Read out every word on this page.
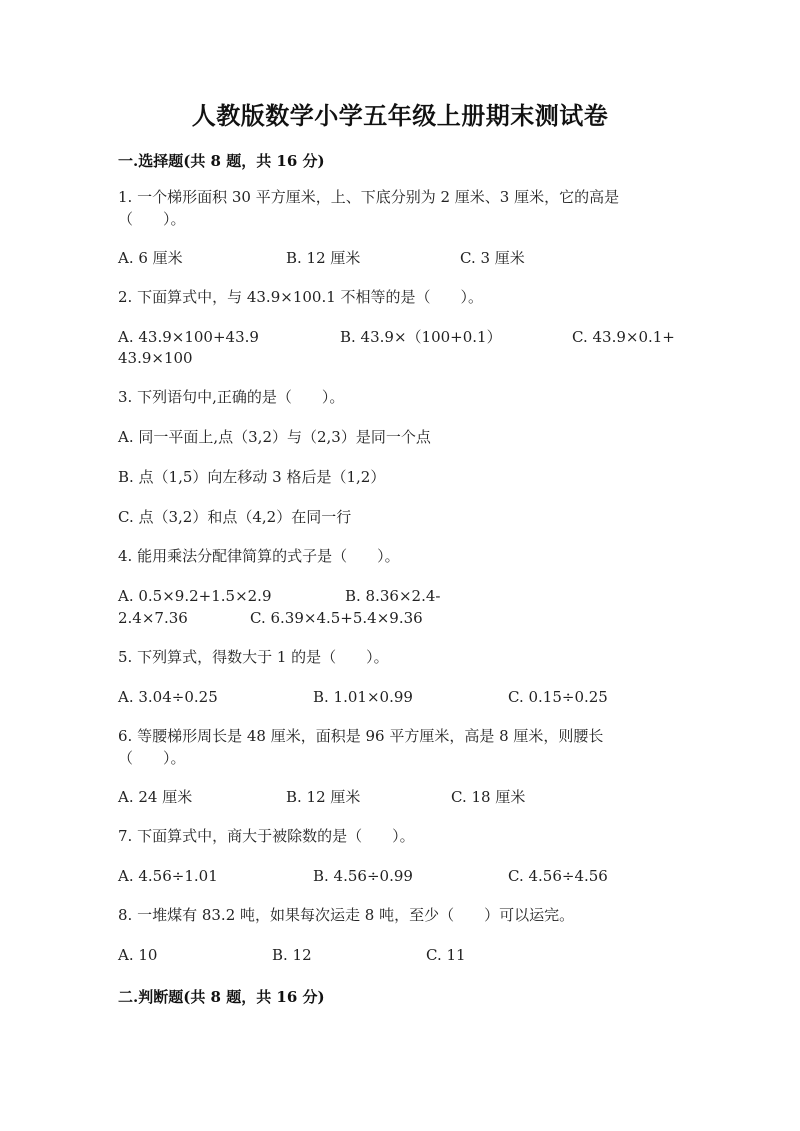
人教版数学小学五年级上册期末测试卷
一.选择题(共 8 题，共 16 分)
1. 一个梯形面积 30 平方厘米，上、下底分别为 2 厘米、3 厘米，它的高是
（　　）。
A. 6 厘米	B. 12 厘米	C. 3 厘米
2. 下面算式中，与 43.9×100.1 不相等的是（　　）。
A. 43.9×100+43.9	B. 43.9×（100+0.1）	C. 43.9×0.1+
43.9×100
3. 下列语句中,正确的是（　　）。
A. 同一平面上,点（3,2）与（2,3）是同一个点
B. 点（1,5）向左移动 3 格后是（1,2）
C. 点（3,2）和点（4,2）在同一行
4. 能用乘法分配律简算的式子是（　　）。
A. 0.5×9.2+1.5×2.9	B. 8.36×2.4-
2.4×7.36	C. 6.39×4.5+5.4×9.36
5. 下列算式，得数大于 1 的是（　　）。
A. 3.04÷0.25	B. 1.01×0.99	C. 0.15÷0.25
6. 等腰梯形周长是 48 厘米，面积是 96 平方厘米，高是 8 厘米，则腰长
（　　）。
A. 24 厘米	B. 12 厘米	C. 18 厘米
7. 下面算式中，商大于被除数的是（　　）。
A. 4.56÷1.01	B. 4.56÷0.99	C. 4.56÷4.56
8. 一堆煤有 83.2 吨，如果每次运走 8 吨，至少（　　）可以运完。
A. 10	B. 12	C. 11
二.判断题(共 8 题，共 16 分)
